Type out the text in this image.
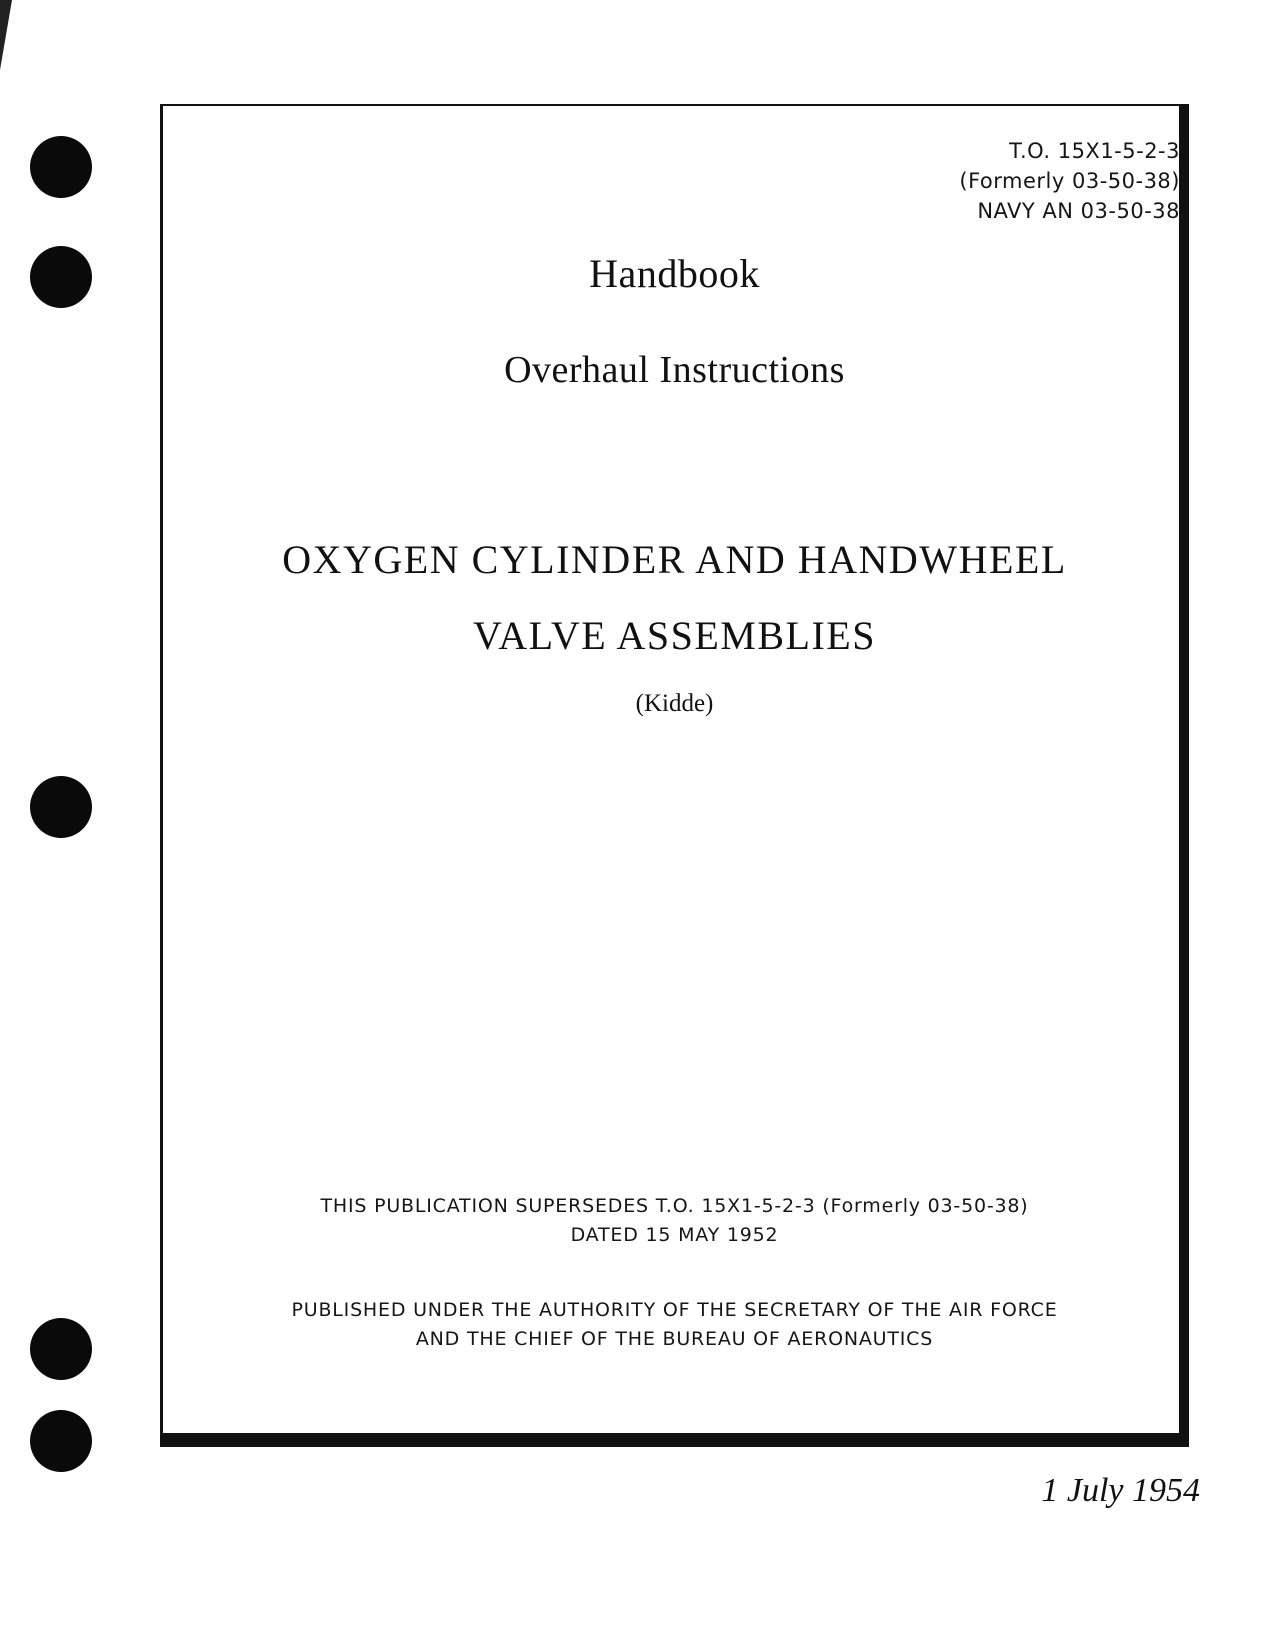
T.O. 15X1-5-2-3
(Formerly 03-50-38)
NAVY AN 03-50-38
Handbook
Overhaul Instructions
OXYGEN CYLINDER AND HANDWHEEL
VALVE ASSEMBLIES
(Kidde)
THIS PUBLICATION SUPERSEDES T.O. 15X1-5-2-3 (Formerly 03-50-38)
DATED 15 MAY 1952
PUBLISHED UNDER THE AUTHORITY OF THE SECRETARY OF THE AIR FORCE
AND THE CHIEF OF THE BUREAU OF AERONAUTICS
1 July 1954
